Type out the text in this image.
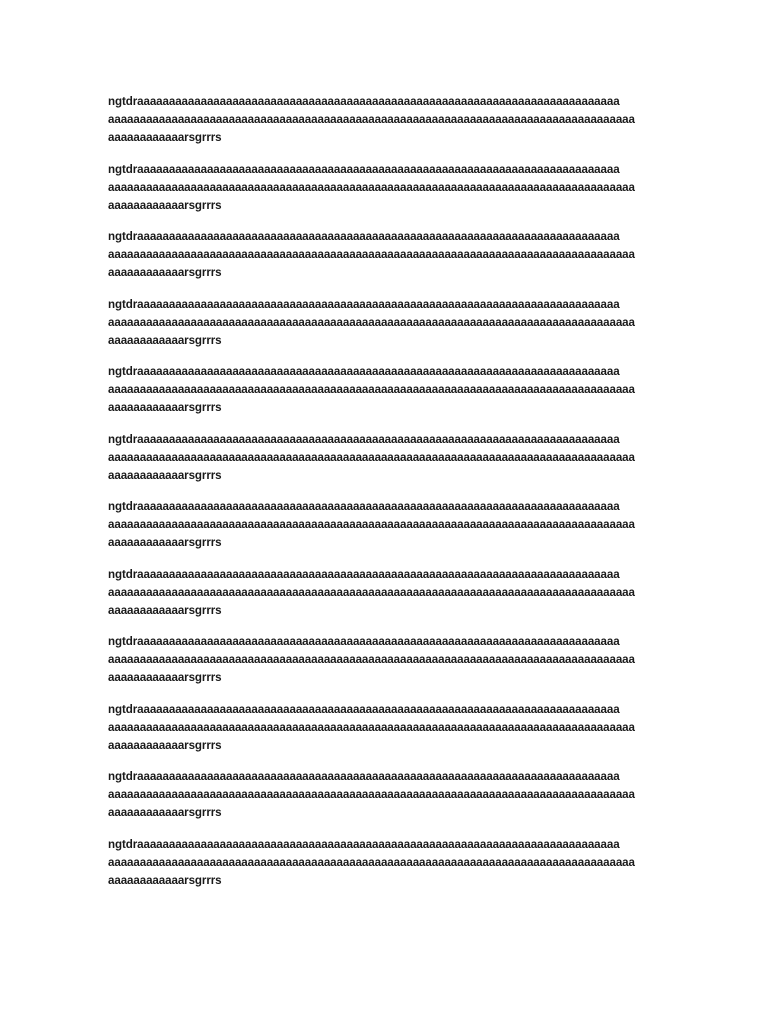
ngtdraaaaaaaaaaaaaaaaaaaaaaaaaaaaaaaaaaaaaaaaaaaaaaaaaaaaaaaaaaaaaaaaaaaaaaaaaaaa
aaaaaaaaaaaaaaaaaaaaaaaaaaaaaaaaaaaaaaaaaaaaaaaaaaaaaaaaaaaaaaaaaaaaaaaaaaaaaaaaaaa
aaaaaaaaaaaarsgrrrs

ngtdraaaaaaaaaaaaaaaaaaaaaaaaaaaaaaaaaaaaaaaaaaaaaaaaaaaaaaaaaaaaaaaaaaaaaaaaaaaa
aaaaaaaaaaaaaaaaaaaaaaaaaaaaaaaaaaaaaaaaaaaaaaaaaaaaaaaaaaaaaaaaaaaaaaaaaaaaaaaaaaa
aaaaaaaaaaaarsgrrrs

ngtdraaaaaaaaaaaaaaaaaaaaaaaaaaaaaaaaaaaaaaaaaaaaaaaaaaaaaaaaaaaaaaaaaaaaaaaaaaaa
aaaaaaaaaaaaaaaaaaaaaaaaaaaaaaaaaaaaaaaaaaaaaaaaaaaaaaaaaaaaaaaaaaaaaaaaaaaaaaaaaaa
aaaaaaaaaaaarsgrrrs

ngtdraaaaaaaaaaaaaaaaaaaaaaaaaaaaaaaaaaaaaaaaaaaaaaaaaaaaaaaaaaaaaaaaaaaaaaaaaaaa
aaaaaaaaaaaaaaaaaaaaaaaaaaaaaaaaaaaaaaaaaaaaaaaaaaaaaaaaaaaaaaaaaaaaaaaaaaaaaaaaaaa
aaaaaaaaaaaarsgrrrs

ngtdraaaaaaaaaaaaaaaaaaaaaaaaaaaaaaaaaaaaaaaaaaaaaaaaaaaaaaaaaaaaaaaaaaaaaaaaaaaa
aaaaaaaaaaaaaaaaaaaaaaaaaaaaaaaaaaaaaaaaaaaaaaaaaaaaaaaaaaaaaaaaaaaaaaaaaaaaaaaaaaa
aaaaaaaaaaaarsgrrrs

ngtdraaaaaaaaaaaaaaaaaaaaaaaaaaaaaaaaaaaaaaaaaaaaaaaaaaaaaaaaaaaaaaaaaaaaaaaaaaaa
aaaaaaaaaaaaaaaaaaaaaaaaaaaaaaaaaaaaaaaaaaaaaaaaaaaaaaaaaaaaaaaaaaaaaaaaaaaaaaaaaaa
aaaaaaaaaaaarsgrrrs

ngtdraaaaaaaaaaaaaaaaaaaaaaaaaaaaaaaaaaaaaaaaaaaaaaaaaaaaaaaaaaaaaaaaaaaaaaaaaaaa
aaaaaaaaaaaaaaaaaaaaaaaaaaaaaaaaaaaaaaaaaaaaaaaaaaaaaaaaaaaaaaaaaaaaaaaaaaaaaaaaaaa
aaaaaaaaaaaarsgrrrs

ngtdraaaaaaaaaaaaaaaaaaaaaaaaaaaaaaaaaaaaaaaaaaaaaaaaaaaaaaaaaaaaaaaaaaaaaaaaaaaa
aaaaaaaaaaaaaaaaaaaaaaaaaaaaaaaaaaaaaaaaaaaaaaaaaaaaaaaaaaaaaaaaaaaaaaaaaaaaaaaaaaa
aaaaaaaaaaaarsgrrrs

ngtdraaaaaaaaaaaaaaaaaaaaaaaaaaaaaaaaaaaaaaaaaaaaaaaaaaaaaaaaaaaaaaaaaaaaaaaaaaaa
aaaaaaaaaaaaaaaaaaaaaaaaaaaaaaaaaaaaaaaaaaaaaaaaaaaaaaaaaaaaaaaaaaaaaaaaaaaaaaaaaaa
aaaaaaaaaaaarsgrrrs

ngtdraaaaaaaaaaaaaaaaaaaaaaaaaaaaaaaaaaaaaaaaaaaaaaaaaaaaaaaaaaaaaaaaaaaaaaaaaaaa
aaaaaaaaaaaaaaaaaaaaaaaaaaaaaaaaaaaaaaaaaaaaaaaaaaaaaaaaaaaaaaaaaaaaaaaaaaaaaaaaaaa
aaaaaaaaaaaarsgrrrs

ngtdraaaaaaaaaaaaaaaaaaaaaaaaaaaaaaaaaaaaaaaaaaaaaaaaaaaaaaaaaaaaaaaaaaaaaaaaaaaa
aaaaaaaaaaaaaaaaaaaaaaaaaaaaaaaaaaaaaaaaaaaaaaaaaaaaaaaaaaaaaaaaaaaaaaaaaaaaaaaaaaa
aaaaaaaaaaaarsgrrrs

ngtdraaaaaaaaaaaaaaaaaaaaaaaaaaaaaaaaaaaaaaaaaaaaaaaaaaaaaaaaaaaaaaaaaaaaaaaaaaaa
aaaaaaaaaaaaaaaaaaaaaaaaaaaaaaaaaaaaaaaaaaaaaaaaaaaaaaaaaaaaaaaaaaaaaaaaaaaaaaaaaaa
aaaaaaaaaaaarsgrrrs
